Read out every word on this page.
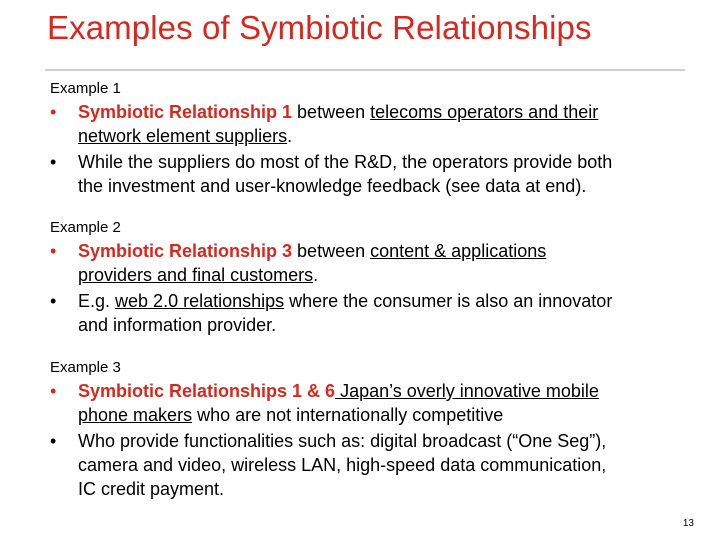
Examples of Symbiotic Relationships
Example 1
•	Symbiotic Relationship 1 between telecoms operators and their
network element suppliers.
•	While the suppliers do most of the R&D, the operators provide both
the investment and user-knowledge feedback (see data at end).
Example 2
•	Symbiotic Relationship 3 between content & applications
providers and final customers.
•	E.g. web 2.0 relationships where the consumer is also an innovator
and information provider.
Example 3
•	Symbiotic Relationships 1 & 6 Japan’s overly innovative mobile
phone makers who are not internationally competitive
•	Who provide functionalities such as: digital broadcast (“One Seg”),
camera and video, wireless LAN, high-speed data communication,
IC credit payment.
13
